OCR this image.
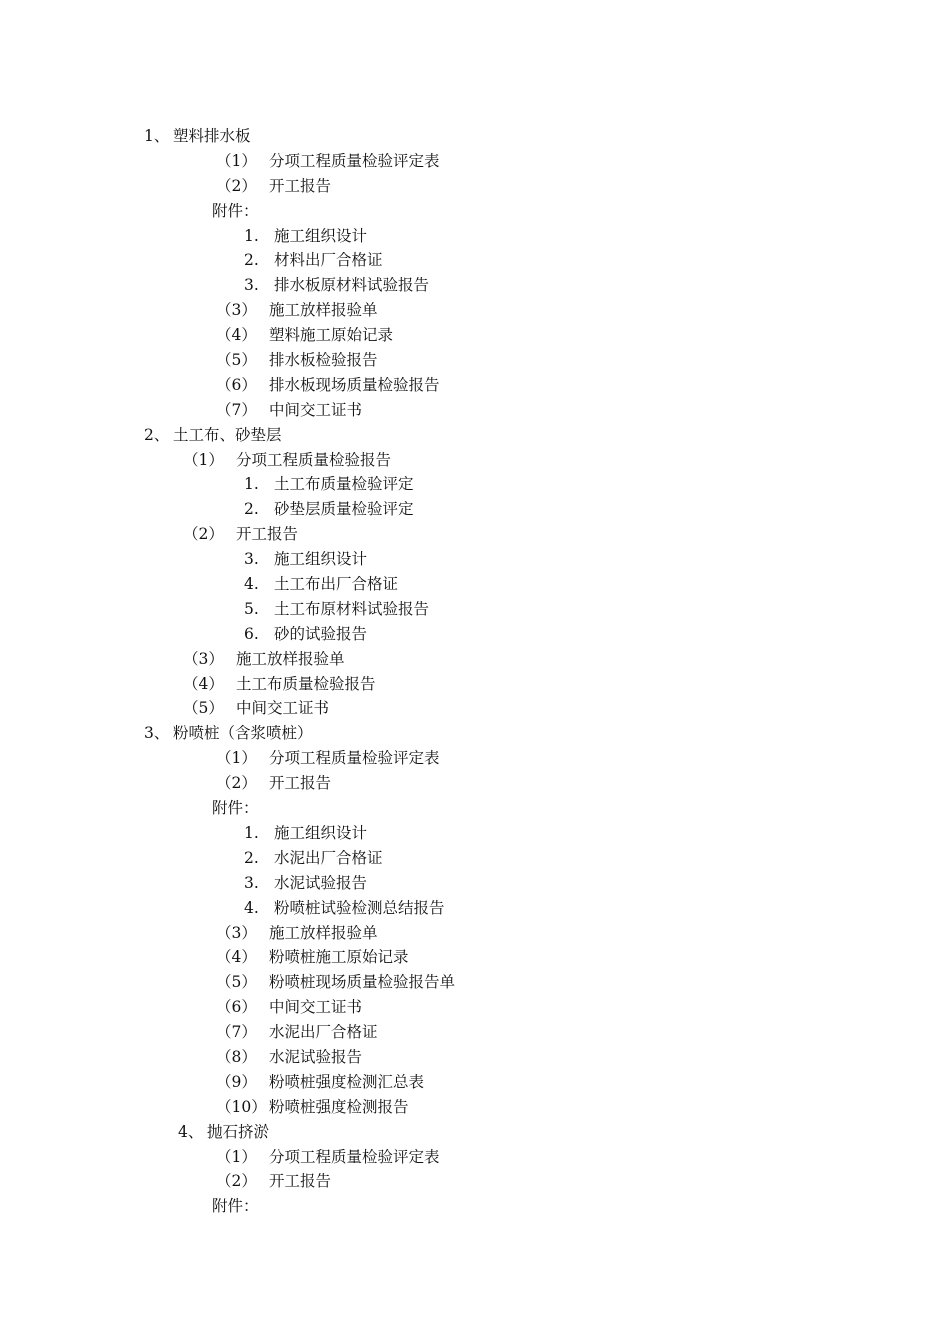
1、 塑料排水板
（1） 分项工程质量检验评定表
（2） 开工报告
附件：
1. 施工组织设计
2. 材料出厂合格证
3. 排水板原材料试验报告
（3） 施工放样报验单
（4） 塑料施工原始记录
（5） 排水板检验报告
（6） 排水板现场质量检验报告
（7） 中间交工证书
2、 土工布、砂垫层
（1） 分项工程质量检验报告
1. 土工布质量检验评定
2. 砂垫层质量检验评定
（2） 开工报告
3. 施工组织设计
4. 土工布出厂合格证
5. 土工布原材料试验报告
6. 砂的试验报告
（3） 施工放样报验单
（4） 土工布质量检验报告
（5） 中间交工证书
3、 粉喷桩（含浆喷桩）
（1） 分项工程质量检验评定表
（2） 开工报告
附件：
1. 施工组织设计
2. 水泥出厂合格证
3. 水泥试验报告
4. 粉喷桩试验检测总结报告
（3） 施工放样报验单
（4） 粉喷桩施工原始记录
（5） 粉喷桩现场质量检验报告单
（6） 中间交工证书
（7） 水泥出厂合格证
（8） 水泥试验报告
（9） 粉喷桩强度检测汇总表
（10） 粉喷桩强度检测报告
4、 抛石挤淤
（1） 分项工程质量检验评定表
（2） 开工报告
附件：
